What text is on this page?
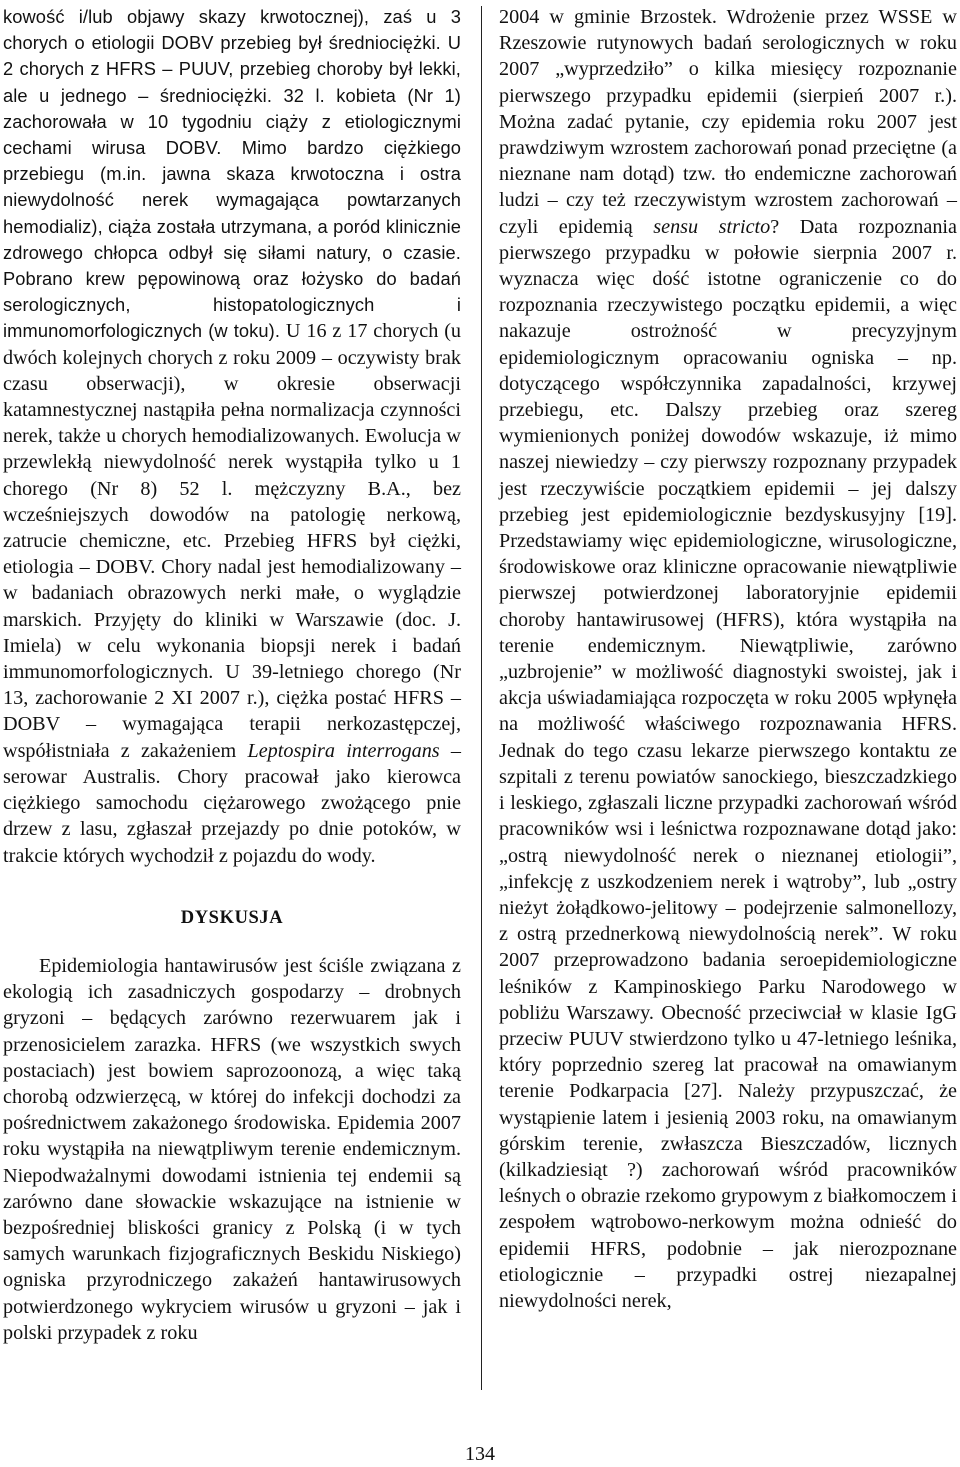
kowość i/lub objawy skazy krwotocznej), zaś u 3 chorych o etiologii DOBV przebieg był średniociężki. U 2 chorych z HFRS – PUUV, przebieg choroby był lekki, ale u jednego – średniociężki. 32 l. kobieta (Nr 1) zachorowała w 10 tygodniu ciąży z etiologicznymi cechami wirusa DOBV. Mimo bardzo ciężkiego przebiegu (m.in. jawna skaza krwotoczna i ostra niewydolność nerek wymagająca powtarzanych hemodializ), ciąża została utrzymana, a poród klinicznie zdrowego chłopca odbył się siłami natury, o czasie. Pobrano krew pępowinową oraz łożysko do badań serologicznych, histopatologicznych i immunomorfologicznych (w toku). U 16 z 17 chorych (u dwóch kolejnych chorych z roku 2009 – oczywisty brak czasu obserwacji), w okresie obserwacji katamnestycznej nastąpiła pełna normalizacja czynności nerek, także u chorych hemodializowanych. Ewolucja w przewlekłą niewydolność nerek wystąpiła tylko u 1 chorego (Nr 8) 52 l. mężczyzny B.A., bez wcześniejszych dowodów na patologię nerkową, zatrucie chemiczne, etc. Przebieg HFRS był ciężki, etiologia – DOBV. Chory nadal jest hemodializowany – w badaniach obrazowych nerki małe, o wyglądzie marskich. Przyjęty do kliniki w Warszawie (doc. J. Imiela) w celu wykonania biopsji nerek i badań immunomorfologicznych. U 39-letniego chorego (Nr 13, zachorowanie 2 XI 2007 r.), ciężka postać HFRS – DOBV – wymagająca terapii nerkozastępczej, współistniała z zakażeniem Leptospira interrogans – serowar Australis. Chory pracował jako kierowca ciężkiego samochodu ciężarowego zwożącego pnie drzew z lasu, zgłaszał przejazdy po dnie potoków, w trakcie których wychodził z pojazdu do wody.

DYSKUSJA

Epidemiologia hantawirusów jest ściśle związana z ekologią ich zasadniczych gospodarzy – drobnych gryzoni – będących zarówno rezerwuarem jak i przenosicielem zarazka. HFRS (we wszystkich swych postaciach) jest bowiem saprozoonozą, a więc taką chorobą odzwierzęcą, w której do infekcji dochodzi za pośrednictwem zakażonego środowiska. Epidemia 2007 roku wystąpiła na niewątpliwym terenie endemicznym. Niepodważalnymi dowodami istnienia tej endemii są zarówno dane słowackie wskazujące na istnienie w bezpośredniej bliskości granicy z Polską (i w tych samych warunkach fizjograficznych Beskidu Niskiego) ogniska przyrodniczego zakażeń hantawirusowych potwierdzonego wykryciem wirusów u gryzoni – jak i polski przypadek z roku

2004 w gminie Brzostek. Wdrożenie przez WSSE w Rzeszowie rutynowych badań serologicznych w roku 2007 „wyprzedziło” o kilka miesięcy rozpoznanie pierwszego przypadku epidemii (sierpień 2007 r.). Można zadać pytanie, czy epidemia roku 2007 jest prawdziwym wzrostem zachorowań ponad przeciętne (a nieznane nam dotąd) tzw. tło endemiczne zachorowań ludzi – czy też rzeczywistym wzrostem zachorowań – czyli epidemią sensu stricto? Data rozpoznania pierwszego przypadku w połowie sierpnia 2007 r. wyznacza więc dość istotne ograniczenie co do rozpoznania rzeczywistego początku epidemii, a więc nakazuje ostrożność w precyzyjnym epidemiologicznym opracowaniu ogniska – np. dotyczącego współczynnika zapadalności, krzywej przebiegu, etc. Dalszy przebieg oraz szereg wymienionych poniżej dowodów wskazuje, iż mimo naszej niewiedzy – czy pierwszy rozpoznany przypadek jest rzeczywiście początkiem epidemii – jej dalszy przebieg jest epidemiologicznie bezdyskusyjny [19]. Przedstawiamy więc epidemiologiczne, wirusologiczne, środowiskowe oraz kliniczne opracowanie niewątpliwie pierwszej potwierdzonej laboratoryjnie epidemii choroby hantawirusowej (HFRS), która wystąpiła na terenie endemicznym. Niewątpliwie, zarówno „uzbrojenie” w możliwość diagnostyki swoistej, jak i akcja uświadamiająca rozpoczęta w roku 2005 wpłynęła na możliwość właściwego rozpoznawania HFRS. Jednak do tego czasu lekarze pierwszego kontaktu ze szpitali z terenu powiatów sanockiego, bieszczadzkiego i leskiego, zgłaszali liczne przypadki zachorowań wśród pracowników wsi i leśnictwa rozpoznawane dotąd jako: „ostrą niewydolność nerek o nieznanej etiologii”, „infekcję z uszkodzeniem nerek i wątroby”, lub „ostry nieżyt żołądkowo-jelitowy – podejrzenie salmonellozy, z ostrą przednerkową niewydolnością nerek”. W roku 2007 przeprowadzono badania seroepidemiologiczne leśników z Kampinoskiego Parku Narodowego w pobliżu Warszawy. Obecność przeciwciał w klasie IgG przeciw PUUV stwierdzono tylko u 47-letniego leśnika, który poprzednio szereg lat pracował na omawianym terenie Podkarpacia [27]. Należy przypuszczać, że wystąpienie latem i jesienią 2003 roku, na omawianym górskim terenie, zwłaszcza Bieszczadów, licznych (kilkadziesiąt ?) zachorowań wśród pracowników leśnych o obrazie rzekomo grypowym z białkomoczem i zespołem wątrobowo-nerkowym można odnieść do epidemii HFRS, podobnie – jak nierozpoznane etiologicznie – przypadki ostrej niezapalnej niewydolności nerek,

134
